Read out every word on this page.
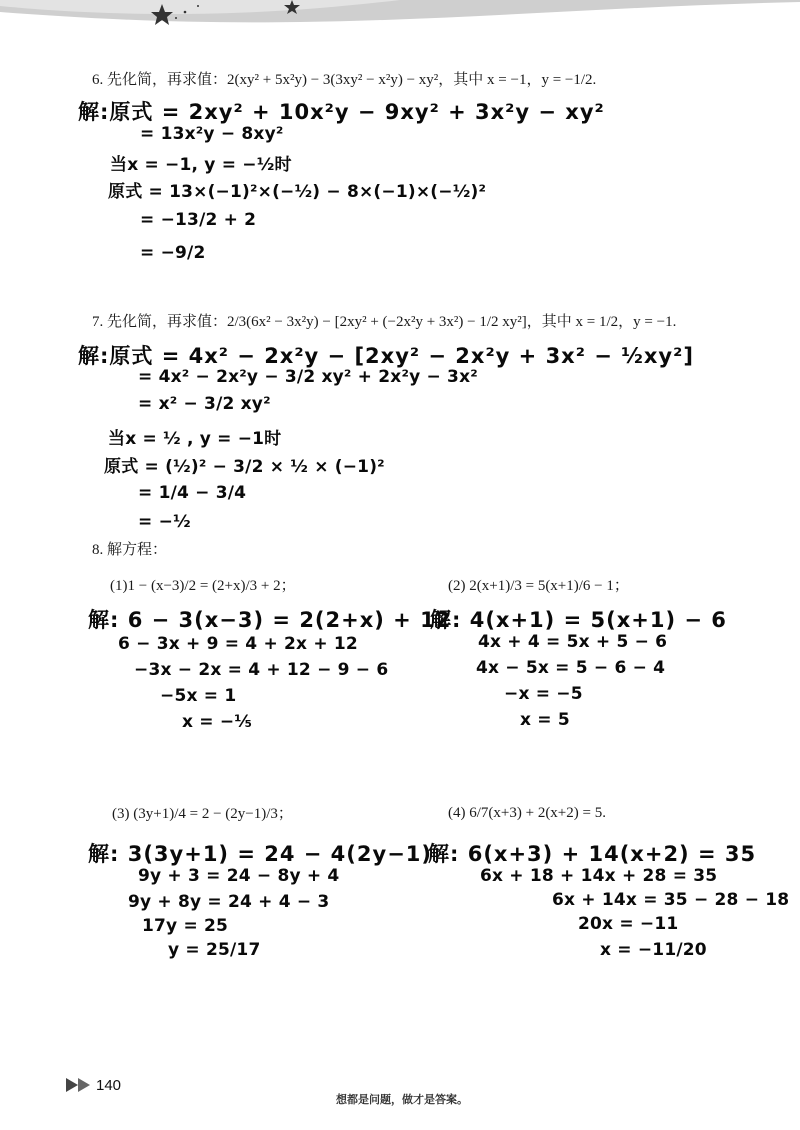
6. 先化简，再求值：2(xy² + 5x²y) − 3(3xy² − x²y) − xy²，其中 x = −1，y = −1/2.
解:原式 = 2xy² + 10x²y − 9xy² + 3x²y − xy²
= 13x²y − 8xy²
当x = −1, y = −½时
原式 = 13×(−1)²×(−½) − 8×(−1)×(−½)²
= −13/2 + 2
= −9/2
7. 先化简，再求值：2/3(6x² − 3x²y) − [2xy² + (−2x²y + 3x²) − 1/2 xy²]，其中 x = 1/2，y = −1.
解:原式 = 4x² − 2x²y − [2xy² − 2x²y + 3x² − ½xy²]
= 4x² − 2x²y − 3/2 xy² + 2x²y − 3x²
= x² − 3/2 xy²
当x = ½ , y = −1时
原式 = (½)² − 3/2 × ½ × (−1)²
= 1/4 − 3/4
= −½
8. 解方程：
(1)1 − (x−3)/2 = (2+x)/3 + 2；
解: 6 − 3(x−3) = 2(2+x) + 12
6 − 3x + 9 = 4 + 2x + 12
−3x − 2x = 4 + 12 − 9 − 6
−5x = 1
x = −⅕
(2) 2(x+1)/3 = 5(x+1)/6 − 1；
解: 4(x+1) = 5(x+1) − 6
4x + 4 = 5x + 5 − 6
4x − 5x = 5 − 6 − 4
−x = −5
x = 5
(3) (3y+1)/4 = 2 − (2y−1)/3；
解: 3(3y+1) = 24 − 4(2y−1)
9y + 3 = 24 − 8y + 4
9y + 8y = 24 + 4 − 3
17y = 25
y = 25/17
(4) 6/7(x+3) + 2(x+2) = 5.
解: 6(x+3) + 14(x+2) = 35
6x + 18 + 14x + 28 = 35
6x + 14x = 35 − 28 − 18
20x = −11
x = −11/20
140
想都是问题，做才是答案。
